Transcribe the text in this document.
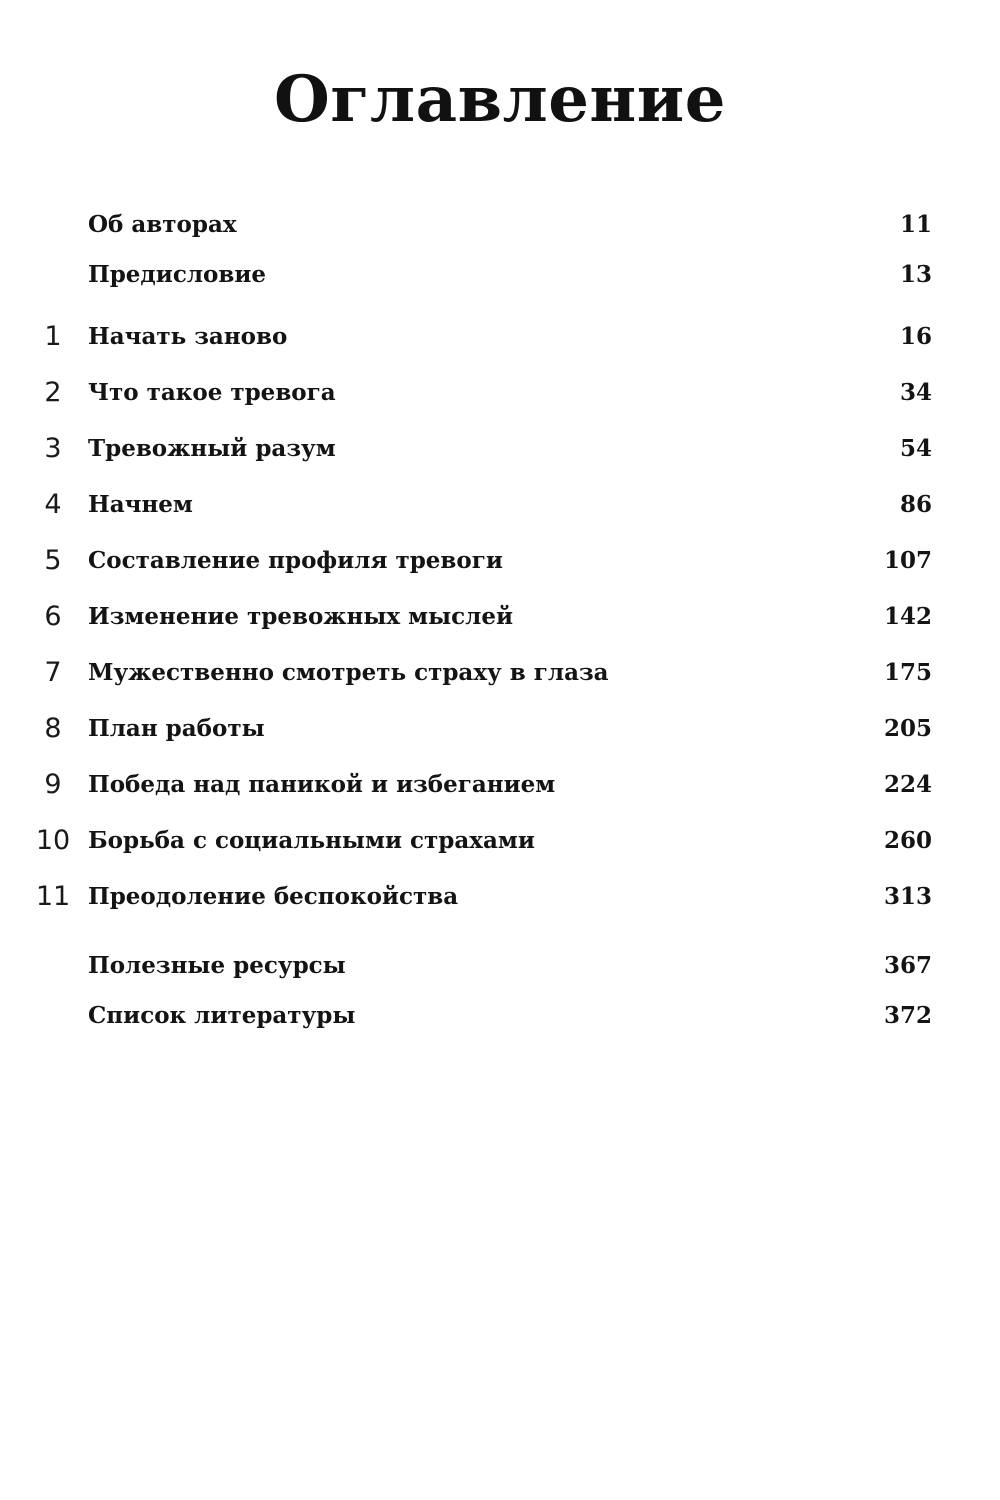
Оглавление
Об авторах	11
Предисловие	13
1	Начать заново	16
2	Что такое тревога	34
3	Тревожный разум	54
4	Начнем	86
5	Составление профиля тревоги	107
6	Изменение тревожных мыслей	142
7	Мужественно смотреть страху в глаза	175
8	План работы	205
9	Победа над паникой и избеганием	224
10 Борьба с социальными страхами	260
11 Преодоление беспокойства	313
Полезные ресурсы	367
Список литературы	372
